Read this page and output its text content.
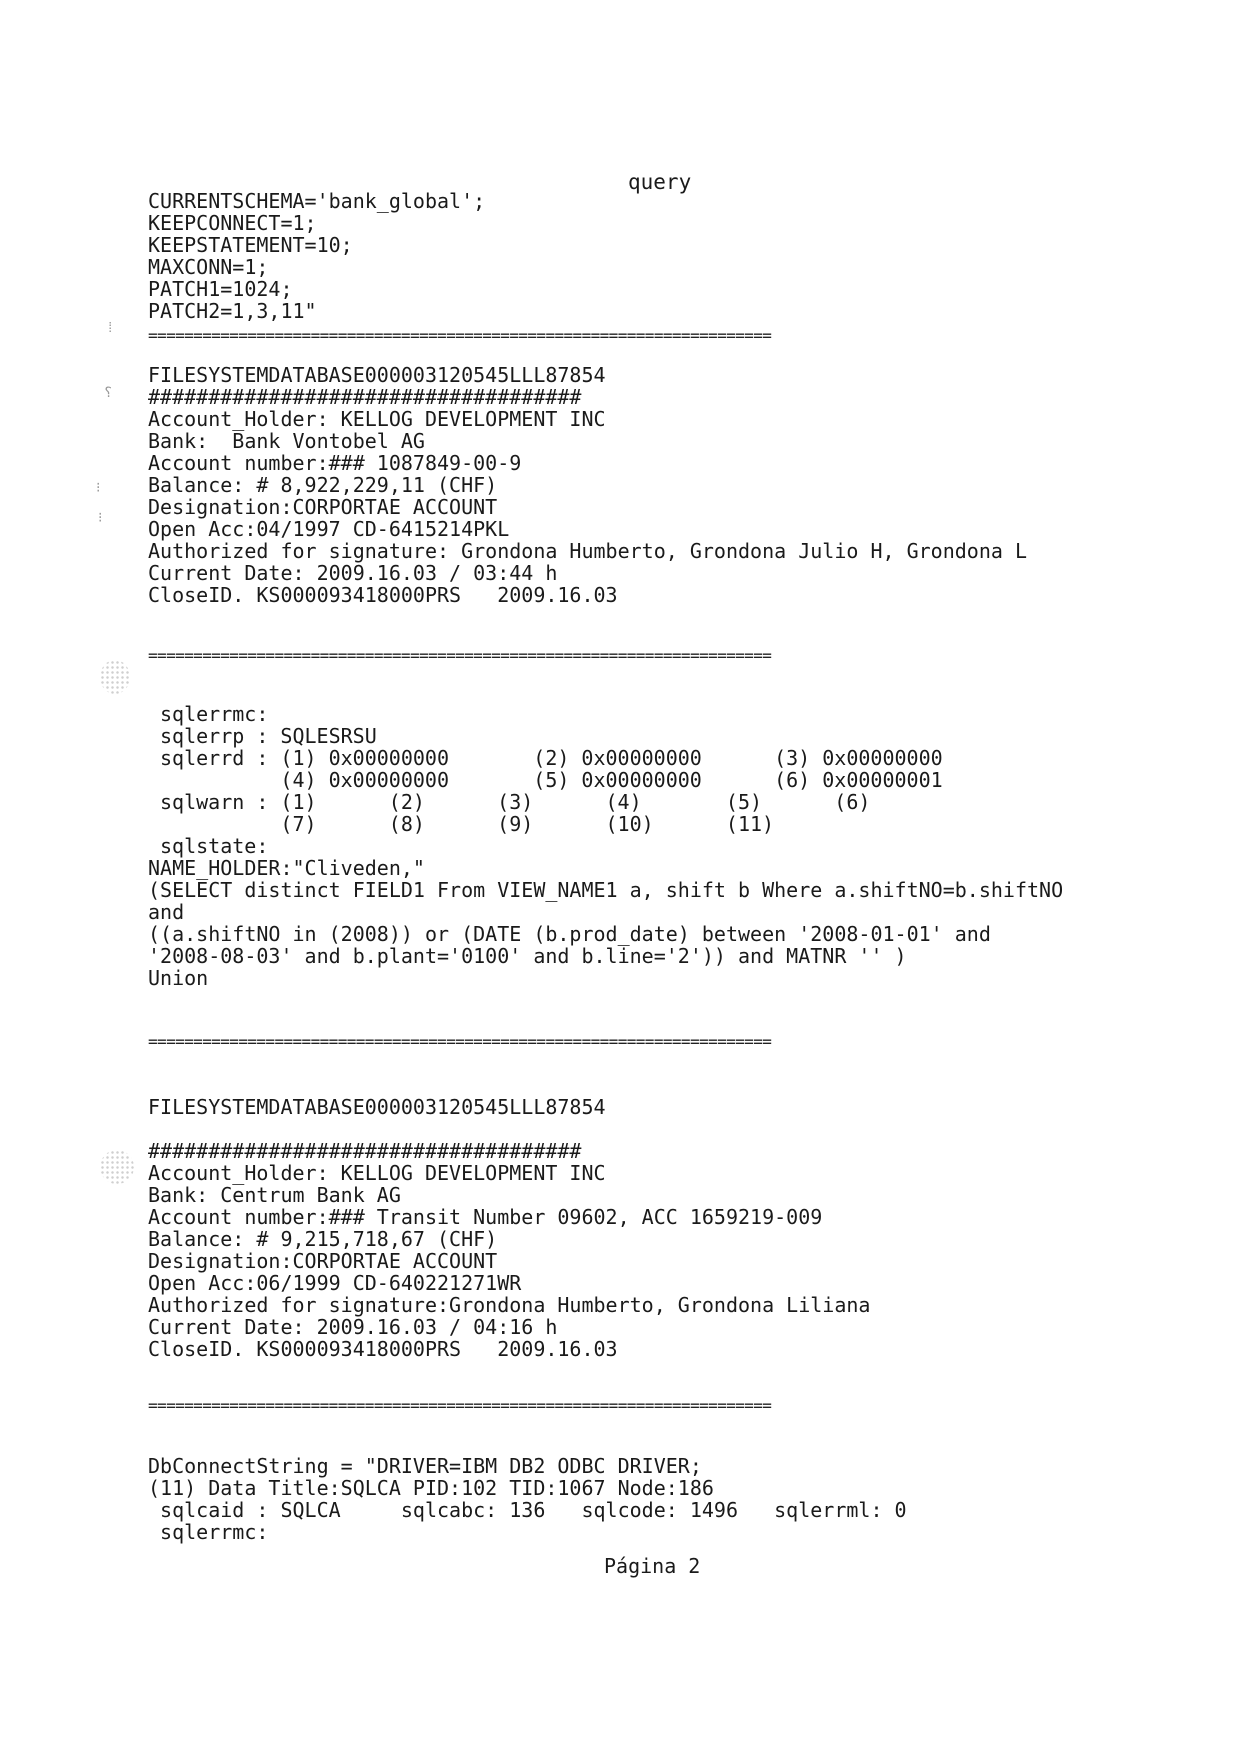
query
CURRENTSCHEMA='bank_global';
KEEPCONNECT=1;
KEEPSTATEMENT=10;
MAXCONN=1;
PATCH1=1024;
PATCH2=1,3,11"
=====================================================================
FILESYSTEMDATABASE000003120545LLL87854
####################################
Account_Holder: KELLOG DEVELOPMENT INC
Bank:  Bank Vontobel AG
Account number:### 1087849-00-9
Balance: # 8,922,229,11 (CHF)
Designation:CORPORTAE ACCOUNT
Open Acc:04/1997 CD-6415214PKL
Authorized for signature: Grondona Humberto, Grondona Julio H, Grondona L
Current Date: 2009.16.03 / 03:44 h
CloseID. KS000093418000PRS   2009.16.03
=====================================================================
sqlerrmc:
sqlerrp : SQLESRSU
sqlerrd : (1) 0x00000000       (2) 0x00000000      (3) 0x00000000
(4) 0x00000000       (5) 0x00000000      (6) 0x00000001
sqlwarn : (1)      (2)      (3)      (4)       (5)      (6)
(7)      (8)      (9)      (10)      (11)
sqlstate:
NAME_HOLDER:"Cliveden,"
(SELECT distinct FIELD1 From VIEW_NAME1 a, shift b Where a.shiftNO=b.shiftNO
and
((a.shiftNO in (2008)) or (DATE (b.prod_date) between '2008-01-01' and
'2008-08-03' and b.plant='0100' and b.line='2')) and MATNR '' )
Union
=====================================================================
FILESYSTEMDATABASE000003120545LLL87854
####################################
Account_Holder: KELLOG DEVELOPMENT INC
Bank: Centrum Bank AG
Account number:### Transit Number 09602, ACC 1659219-009
Balance: # 9,215,718,67 (CHF)
Designation:CORPORTAE ACCOUNT
Open Acc:06/1999 CD-640221271WR
Authorized for signature:Grondona Humberto, Grondona Liliana
Current Date: 2009.16.03 / 04:16 h
CloseID. KS000093418000PRS   2009.16.03
=====================================================================
DbConnectString = "DRIVER=IBM DB2 ODBC DRIVER;
(11) Data Title:SQLCA PID:102 TID:1067 Node:186
sqlcaid : SQLCA     sqlcabc: 136   sqlcode: 1496   sqlerrml: 0
sqlerrmc:
Página 2
⁞
⸮
⁝
⁝
